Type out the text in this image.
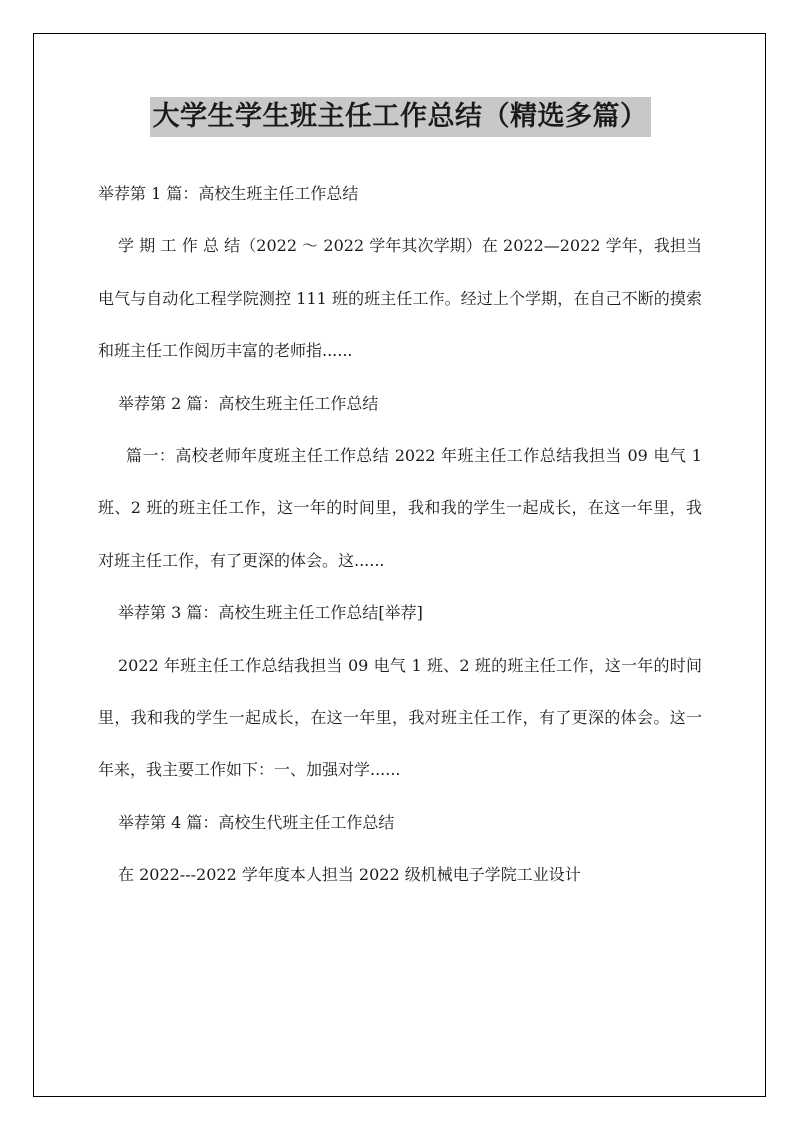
大学生学生班主任工作总结（精选多篇）

举荐第 1 篇：高校生班主任工作总结

学 期 工 作 总 结（2022 ～ 2022 学年其次学期）在 2022—2022 学年，我担当电气与自动化工程学院测控 111 班的班主任工作。经过上个学期，在自己不断的摸索和班主任工作阅历丰富的老师指......

举荐第 2 篇：高校生班主任工作总结

篇一：高校老师年度班主任工作总结 2022 年班主任工作总结我担当 09 电气 1 班、2 班的班主任工作，这一年的时间里，我和我的学生一起成长，在这一年里，我对班主任工作，有了更深的体会。这......

举荐第 3 篇：高校生班主任工作总结[举荐]

2022 年班主任工作总结我担当 09 电气 1 班、2 班的班主任工作，这一年的时间里，我和我的学生一起成长，在这一年里，我对班主任工作，有了更深的体会。这一年来，我主要工作如下：一、加强对学......

举荐第 4 篇：高校生代班主任工作总结

在 2022---2022 学年度本人担当 2022 级机械电子学院工业设计
